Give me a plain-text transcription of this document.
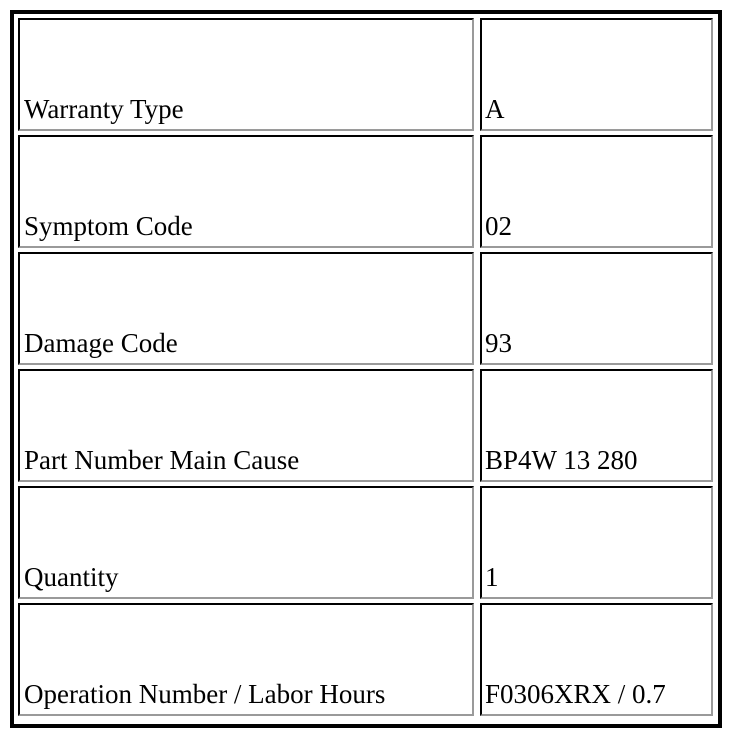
Warranty Type	A
Symptom Code	02
Damage Code	93
Part Number Main Cause	BP4W 13 280
Quantity	1
Operation Number / Labor Hours	F0306XRX / 0.7
